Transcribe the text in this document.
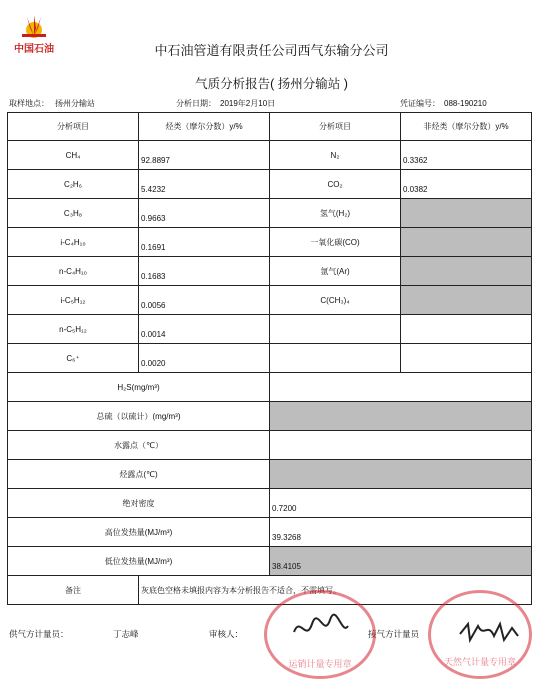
中国石油	中石油管道有限责任公司西气东输分公司
气质分析报告( 扬州分输站 )
取样地点： 扬州分输站	分析日期： 2019年2月10日	凭证编号： 088-190210
分析项目	烃类（摩尔分数）y/%	分析项目	非烃类（摩尔分数）y/%
CH₄	92.8897	N₂	0.3362
C₂H₆	5.4232	CO₂	0.0382
C₃H₈	0.9663	氢气(H₂)	
i-C₄H₁₀	0.1691	一氧化碳(CO)	
n-C₄H₁₀	0.1683	氩气(Ar)	
i-C₅H₁₂	0.0056	C(CH₃)₄	
n-C₅H₁₂	0.0014		
C₆⁺	0.0020		
H₂S(mg/m³)			
总硫（以硫计）(mg/m³)			
水露点（℃）			
烃露点(℃)			
绝对密度		0.7200	
高位发热量(MJ/m³)		39.3268	
低位发热量(MJ/m³)		38.4105	
备注	灰底色空格未填报内容为本分析报告不适合，不需填写。		
供气方计量员：	丁志峰	审核人：	接气方计量员
运销计量专用章	天然气计量专用章
